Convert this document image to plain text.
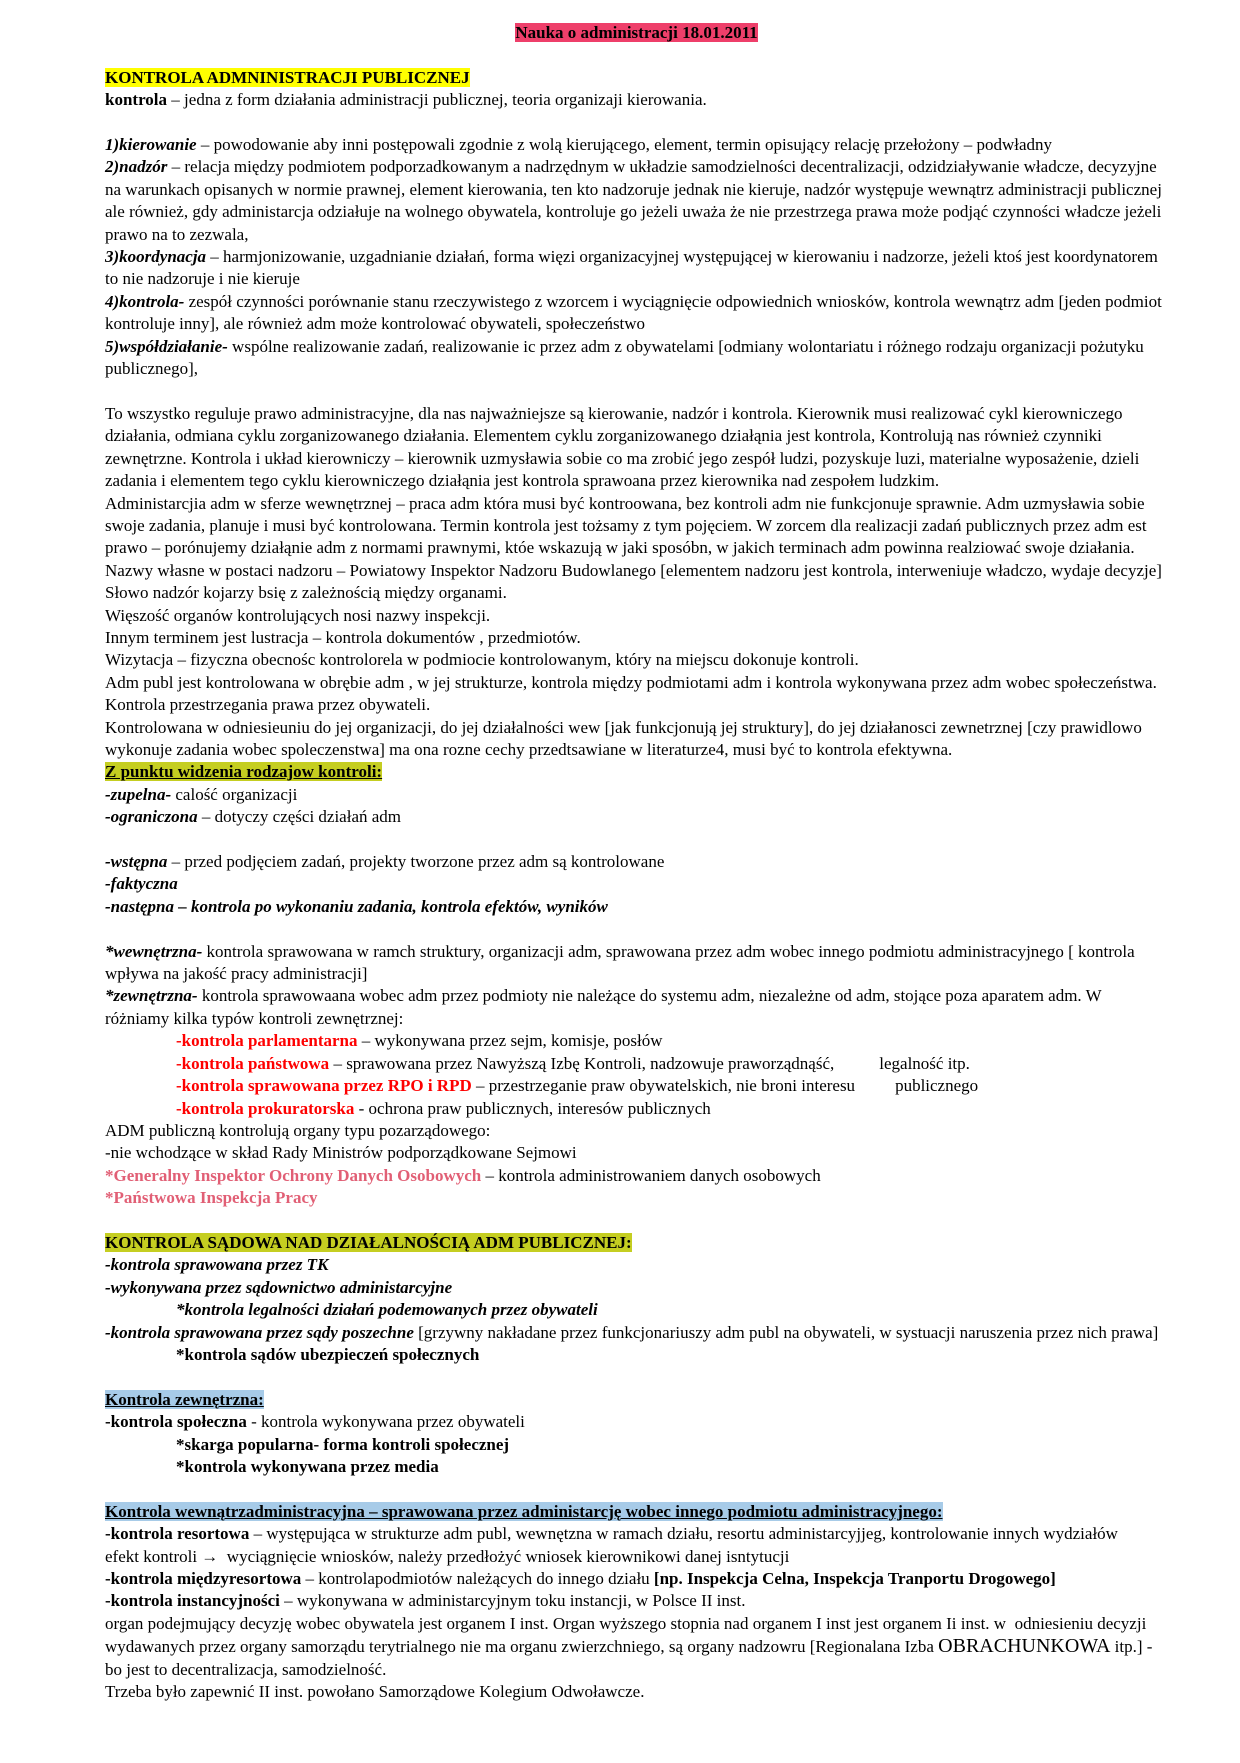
Nauka o administracji 18.01.2011

KONTROLA ADMNINISTRACJI PUBLICZNEJ
kontrola – jedna z form działania administracji publicznej, teoria organizaji kierowania.

1)kierowanie – powodowanie aby inni postępowali zgodnie z wolą kierującego, element, termin opisujący relację przełożony – podwładny
2)nadzór – relacja między podmiotem podporzadkowanym a nadrzędnym w układzie samodzielności decentralizacji, odzidziaływanie władcze, decyzyjne na warunkach opisanych w normie prawnej, element kierowania, ten kto nadzoruje jednak nie kieruje, nadzór występuje wewnątrz administracji publicznej ale również, gdy administarcja odziałuje na wolnego obywatela, kontroluje go jeżeli uważa że nie przestrzega prawa może podjąć czynności władcze jeżeli prawo na to zezwala,
3)koordynacja – harmjonizowanie, uzgadnianie działań, forma więzi organizacyjnej występującej w kierowaniu i nadzorze, jeżeli ktoś jest koordynatorem to nie nadzoruje i nie kieruje
4)kontrola- zespół czynności porównanie stanu rzeczywistego z wzorcem i wyciągnięcie odpowiednich wniosków, kontrola wewnątrz adm [jeden podmiot kontroluje inny], ale również adm może kontrolować obywateli, społeczeństwo
5)współdziałanie- wspólne realizowanie zadań, realizowanie ic przez adm z obywatelami [odmiany wolontariatu i różnego rodzaju organizacji pożutyku publicznego],

To wszystko reguluje prawo administracyjne, dla nas najważniejsze są kierowanie, nadzór i kontrola. Kierownik musi realizować cykl kierowniczego działania, odmiana cyklu zorganizowanego działania. Elementem cyklu zorganizowanego działąnia jest kontrola, Kontrolują nas również czynniki zewnętrzne. Kontrola i układ kierowniczy – kierownik uzmysławia sobie co ma zrobić jego zespół ludzi, pozyskuje luzi, materialne wyposażenie, dzieli zadania i elementem tego cyklu kierowniczego działąnia jest kontrola sprawoana przez kierownika nad zespołem ludzkim.
Administarcjia adm w sferze wewnętrznej – praca adm która musi być kontroowana, bez kontroli adm nie funkcjonuje sprawnie. Adm uzmysławia sobie swoje zadania, planuje i musi być kontrolowana. Termin kontrola jest tożsamy z tym pojęciem. W zorcem dla realizacji zadań publicznych przez adm est prawo – porónujemy działąnie adm z normami prawnymi, któe wskazują w jaki sposóbn, w jakich terminach adm powinna realziować swoje działania.
Nazwy własne w postaci nadzoru – Powiatowy Inspektor Nadzoru Budowlanego [elementem nadzoru jest kontrola, interweniuje władczo, wydaje decyzje] Słowo nadzór kojarzy bsię z zależnością między organami.
Więszość organów kontrolujących nosi nazwy inspekcji.
Innym terminem jest lustracja – kontrola dokumentów , przedmiotów.
Wizytacja – fizyczna obecnośc kontrolorela w podmiocie kontrolowanym, który na miejscu dokonuje kontroli.
Adm publ jest kontrolowana w obrębie adm , w jej strukturze, kontrola między podmiotami adm i kontrola wykonywana przez adm wobec społeczeństwa. Kontrola przestrzegania prawa przez obywateli.
Kontrolowana w odniesieuniu do jej organizacji, do jej działalności wew [jak funkcjonują jej struktury], do jej działanosci zewnetrznej [czy prawidlowo wykonuje zadania wobec spoleczenstwa] ma ona rozne cechy przedtsawiane w literaturze4, musi być to kontrola efektywna.
Z punktu widzenia rodzajow kontroli:
-zupelna- calość organizacji
-ograniczona – dotyczy części działań adm

-wstępna – przed podjęciem zadań, projekty tworzone przez adm są kontrolowane
-faktyczna
-następna – kontrola po wykonaniu zadania, kontrola efektów, wyników

*wewnętrzna- kontrola sprawowana w ramch struktury, organizacji adm, sprawowana przez adm wobec innego podmiotu administracyjnego [ kontrola wpływa na jakość pracy administracji]
*zewnętrzna- kontrola sprawowaana wobec adm przez podmioty nie należące do systemu adm, niezależne od adm, stojące poza aparatem adm. W różniamy kilka typów kontroli zewnętrznej:
-kontrola parlamentarna – wykonywana przez sejm, komisje, posłów
-kontrola państwowa – sprawowana przez Nawyższą Izbę Kontroli, nadzowuje praworządnąść,	legalność itp.
-kontrola sprawowana przez RPO i RPD – przestrzeganie praw obywatelskich, nie broni interesu publicznego
-kontrola prokuratorska - ochrona praw publicznych, interesów publicznych
ADM publiczną kontrolują organy typu pozarządowego:
-nie wchodzące w skład Rady Ministrów podporządkowane Sejmowi
*Generalny Inspektor Ochrony Danych Osobowych – kontrola administrowaniem danych osobowych
*Państwowa Inspekcja Pracy

KONTROLA SĄDOWA NAD DZIAŁALNOŚCIĄ ADM PUBLICZNEJ:
-kontrola sprawowana przez TK
-wykonywana przez sądownictwo administarcyjne
*kontrola legalności działań podemowanych przez obywateli
-kontrola sprawowana przez sądy poszechne [grzywny nakładane przez funkcjonariuszy adm publ na obywateli, w systuacji naruszenia przez nich prawa]
*kontrola sądów ubezpieczeń społecznych

Kontrola zewnętrzna:
-kontrola społeczna - kontrola wykonywana przez obywateli
*skarga popularna- forma kontroli społecznej
*kontrola wykonywana przez media

Kontrola wewnątrzadministracyjna – sprawowana przez administarcję wobec innego podmiotu administracyjnego:
-kontrola resortowa – występująca w strukturze adm publ, wewnętzna w ramach działu, resortu administarcyjjeg, kontrolowanie innych wydziałów
efekt kontroli →  wyciągnięcie wniosków, należy przedłożyć wniosek kierownikowi danej isntytucji
-kontrola międzyresortowa – kontrolapodmiotów należących do innego działu [np. Inspekcja Celna, Inspekcja Tranportu Drogowego]
-kontrola instancyjności – wykonywana w administarcyjnym toku instancji, w Polsce II inst.
organ podejmujący decyzję wobec obywatela jest organem I inst. Organ wyższego stopnia nad organem I inst jest organem Ii inst. w  odniesieniu decyzji wydawanych przez organy samorządu terytrialnego nie ma organu zwierzchniego, są organy nadzowru [Regionalana Izba OBRACHUNKOWA itp.] - bo jest to decentralizacja, samodzielność.
Trzeba było zapewnić II inst. powołano Samorządowe Kolegium Odwoławcze.
